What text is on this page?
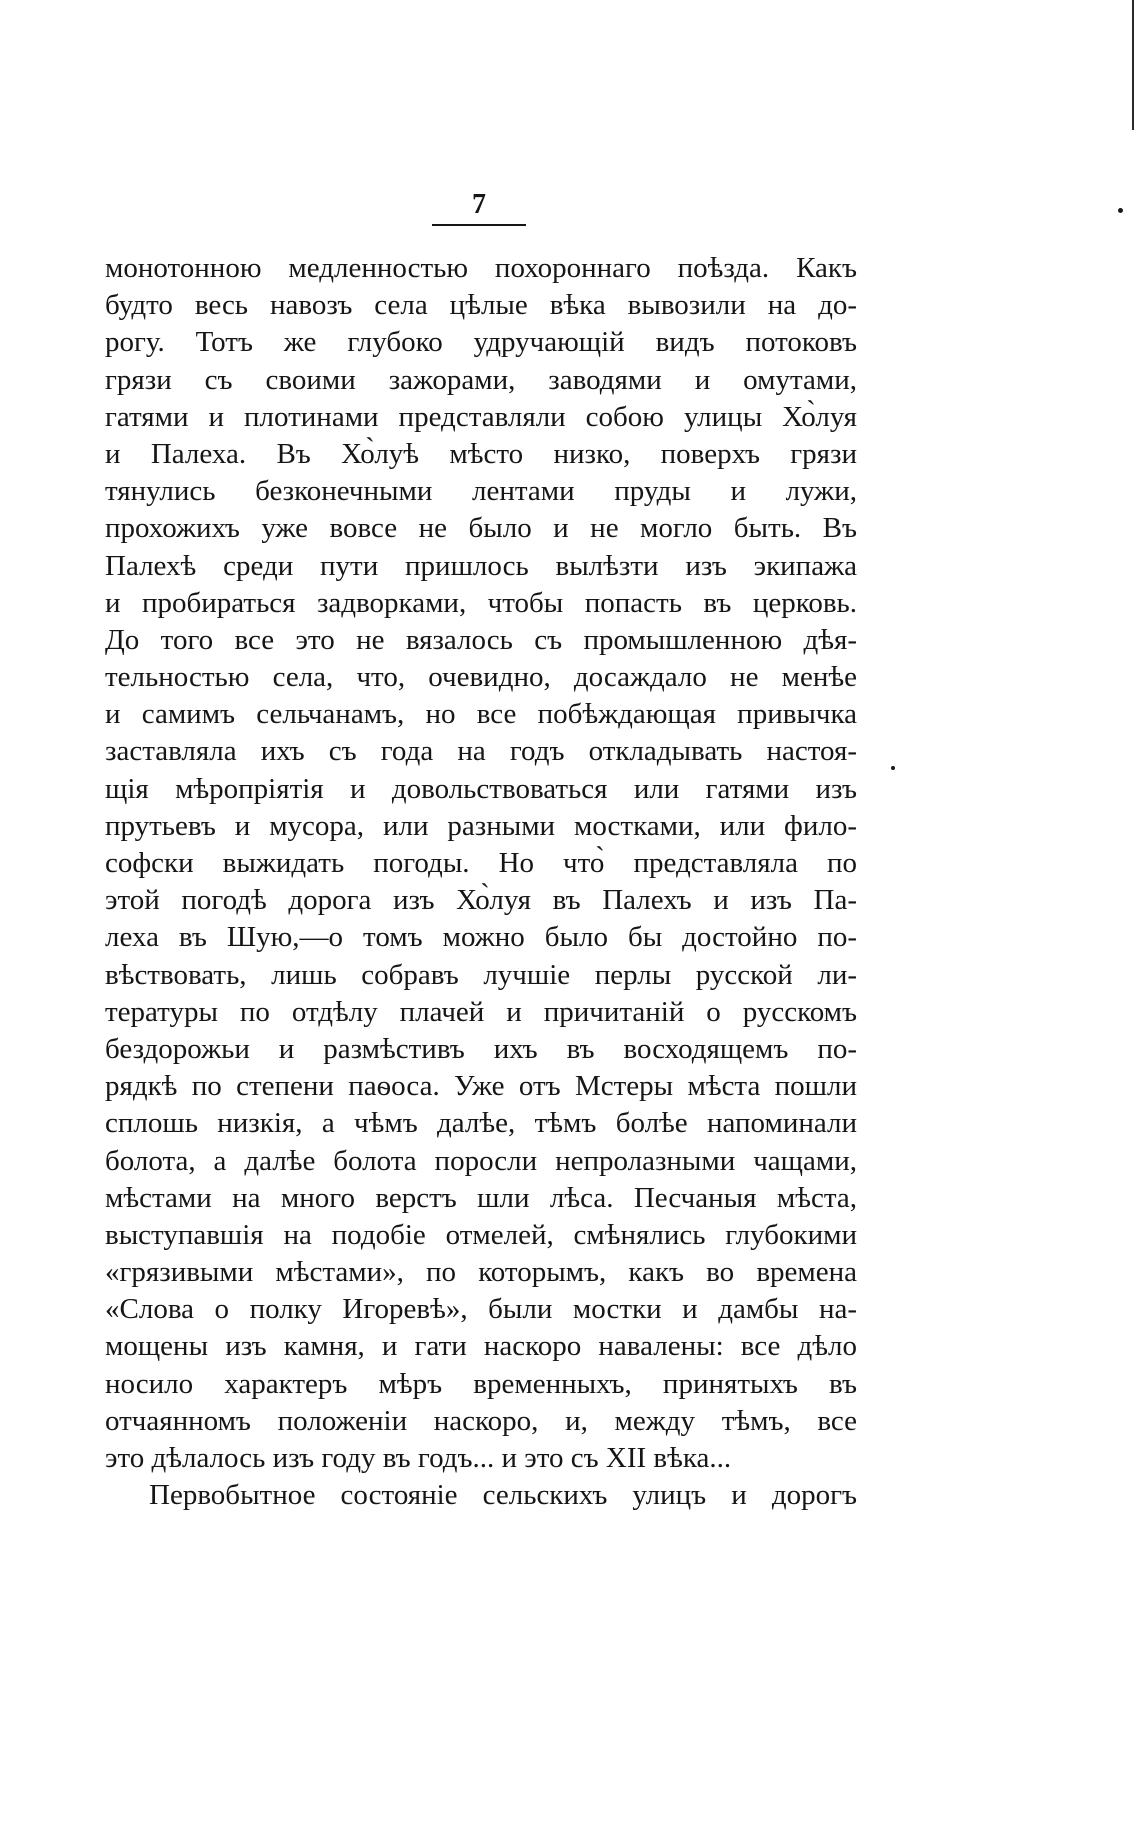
7
монотонною медленностью похороннаго поѣзда. Какъ
будто весь навозъ села цѣлые вѣка вывозили на до-
рогу. Тотъ же глубоко удручающій видъ потоковъ
грязи съ своими зажорами, заводями и омутами,
гатями и плотинами представляли собою улицы Хо̀луя
и Палеха. Въ Хо̀луѣ мѣсто низко, поверхъ грязи
тянулись безконечными лентами пруды и лужи,
прохожихъ уже вовсе не было и не могло быть. Въ
Палехѣ среди пути пришлось вылѣзти изъ экипажа
и пробираться задворками, чтобы попасть въ церковь.
До того все это не вязалось съ промышленною дѣя-
тельностью села, что, очевидно, досаждало не менѣе
и самимъ сельчанамъ, но все побѣждающая привычка
заставляла ихъ съ года на годъ откладывать настоя-
щія мѣропріятія и довольствоваться или гатями изъ
прутьевъ и мусора, или разными мостками, или фило-
софски выжидать погоды. Но что̀ представляла по
этой погодѣ дорога изъ Хо̀луя въ Палехъ и изъ Па-
леха въ Шую,—о томъ можно было бы достойно по-
вѣствовать, лишь собравъ лучшіе перлы русской ли-
тературы по отдѣлу плачей и причитаній о русскомъ
бездорожьи и размѣстивъ ихъ въ восходящемъ по-
рядкѣ по степени паѳоса. Уже отъ Мстеры мѣста пошли
сплошь низкія, а чѣмъ далѣе, тѣмъ болѣе напоминали
болота, а далѣе болота поросли непролазными чащами,
мѣстами на много верстъ шли лѣса. Песчаныя мѣста,
выступавшія на подобіе отмелей, смѣнялись глубокими
«грязивыми мѣстами», по которымъ, какъ во времена
«Слова о полку Игоревѣ», были мостки и дамбы на-
мощены изъ камня, и гати наскоро навалены: все дѣло
носило характеръ мѣръ временныхъ, принятыхъ въ
отчаянномъ положеніи наскоро, и, между тѣмъ, все
это дѣлалось изъ году въ годъ... и это съ XII вѣка...
Первобытное состояніе сельскихъ улицъ и дорогъ
